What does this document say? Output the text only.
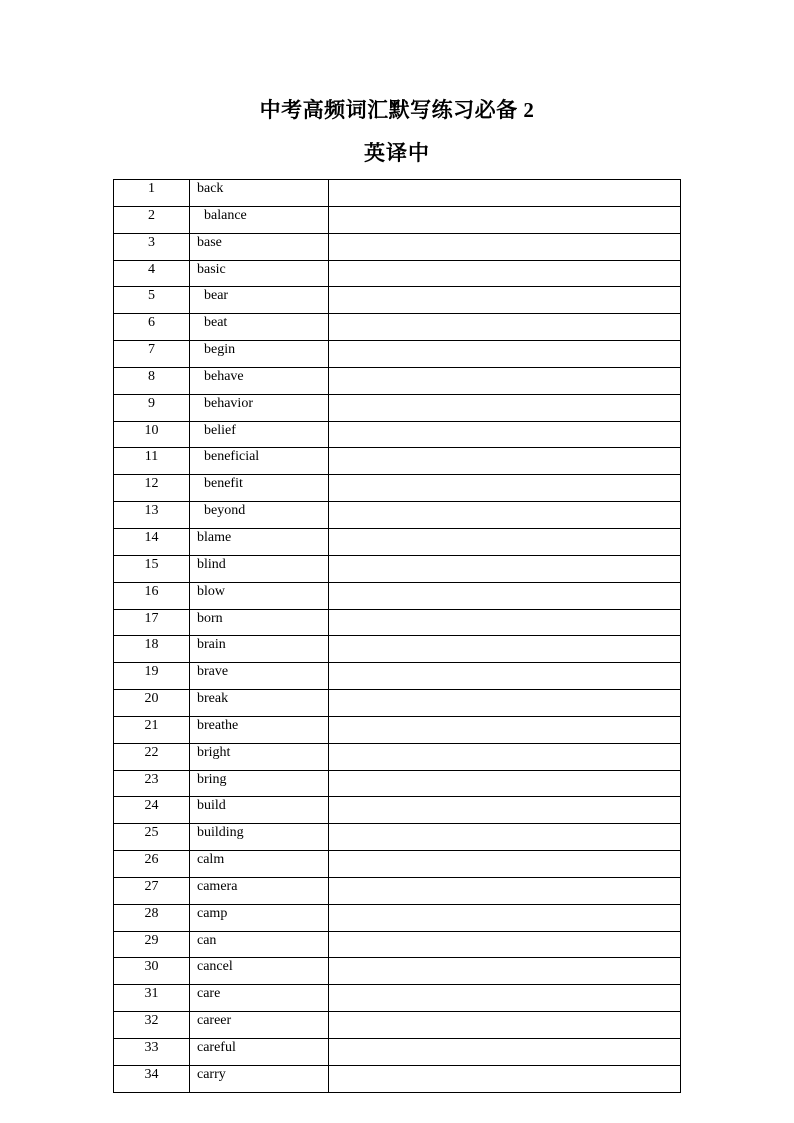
中考高频词汇默写练习必备 2
英译中
1	back	
2	balance	
3	base	
4	basic	
5	bear	
6	beat	
7	begin	
8	behave	
9	behavior	
10	belief	
11	beneficial	
12	benefit	
13	beyond	
14	blame	
15	blind	
16	blow	
17	born	
18	brain	
19	brave	
20	break	
21	breathe	
22	bright	
23	bring	
24	build	
25	building	
26	calm	
27	camera	
28	camp	
29	can	
30	cancel	
31	care	
32	career	
33	careful	
34	carry	
